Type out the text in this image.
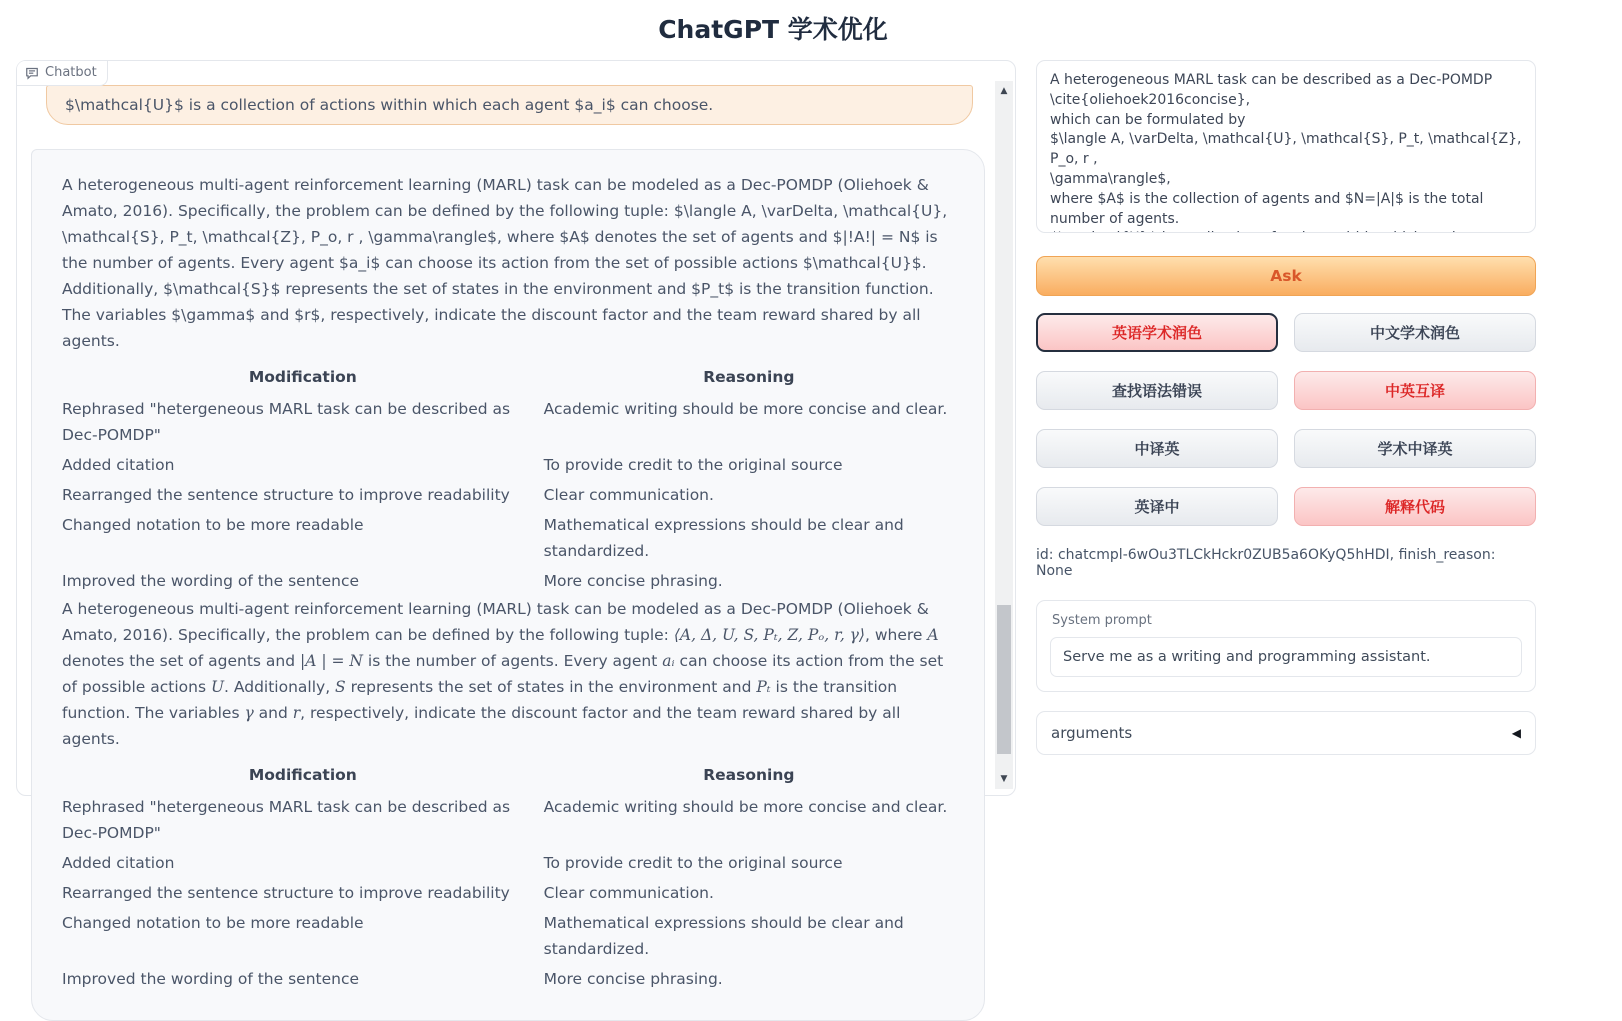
ChatGPT 学术优化
Chatbot
$\mathcal{U}$ is a collection of actions within which each agent $a_i$ can choose.

A heterogeneous multi-agent reinforcement learning (MARL) task can be modeled as a Dec-POMDP (Oliehoek & Amato, 2016). Specifically, the problem can be defined by the following tuple: $\langle A, \varDelta, \mathcal{U}, \mathcal{S}, P_t, \mathcal{Z}, P_o, r , \gamma\rangle$, where $A$ denotes the set of agents and $|!A!| = N$ is the number of agents. Every agent $a_i$ can choose its action from the set of possible actions $\mathcal{U}$. Additionally, $\mathcal{S}$ represents the set of states in the environment and $P_t$ is the transition function. The variables $\gamma$ and $r$, respectively, indicate the discount factor and the team reward shared by all agents.

Modification	Reasoning
Rephrased "hetergeneous MARL task can be described as Dec-POMDP"	Academic writing should be more concise and clear.
Added citation	To provide credit to the original source
Rearranged the sentence structure to improve readability	Clear communication.
Changed notation to be more readable	Mathematical expressions should be clear and standardized.
Improved the wording of the sentence	More concise phrasing.

A heterogeneous multi-agent reinforcement learning (MARL) task can be modeled as a Dec-POMDP (Oliehoek & Amato, 2016). Specifically, the problem can be defined by the following tuple: ⟨A, Δ, U, S, Pₜ, Z, Pₒ, r, γ⟩, where A denotes the set of agents and |A | = N is the number of agents. Every agent aᵢ can choose its action from the set of possible actions U. Additionally, S represents the set of states in the environment and Pₜ is the transition function. The variables γ and r, respectively, indicate the discount factor and the team reward shared by all agents.

Modification	Reasoning
Rephrased "hetergeneous MARL task can be described as Dec-POMDP"	Academic writing should be more concise and clear.
Added citation	To provide credit to the original source
Rearranged the sentence structure to improve readability	Clear communication.
Changed notation to be more readable	Mathematical expressions should be clear and standardized.
Improved the wording of the sentence	More concise phrasing.
▲
▼
A heterogeneous MARL task can be described as a Dec-POMDP \cite{oliehoek2016concise}, which can be formulated by $\langle A, \varDelta, \mathcal{U}, \mathcal{S}, P_t, \mathcal{Z}, P_o, r , \gamma\rangle$, where $A$ is the collection of agents and $N=|A|$ is the total number of agents. $\mathcal{U}$ is a collection of actions within which each agent $a_i$ can choose.
Ask
英语学术润色	中文学术润色
查找语法错误	中英互译
中译英	学术中译英
英译中	解释代码
id: chatcmpl-6wOu3TLCkHckr0ZUB5a6OKyQ5hHDI, finish_reason: None
System prompt
Serve me as a writing and programming assistant.
arguments	◀
